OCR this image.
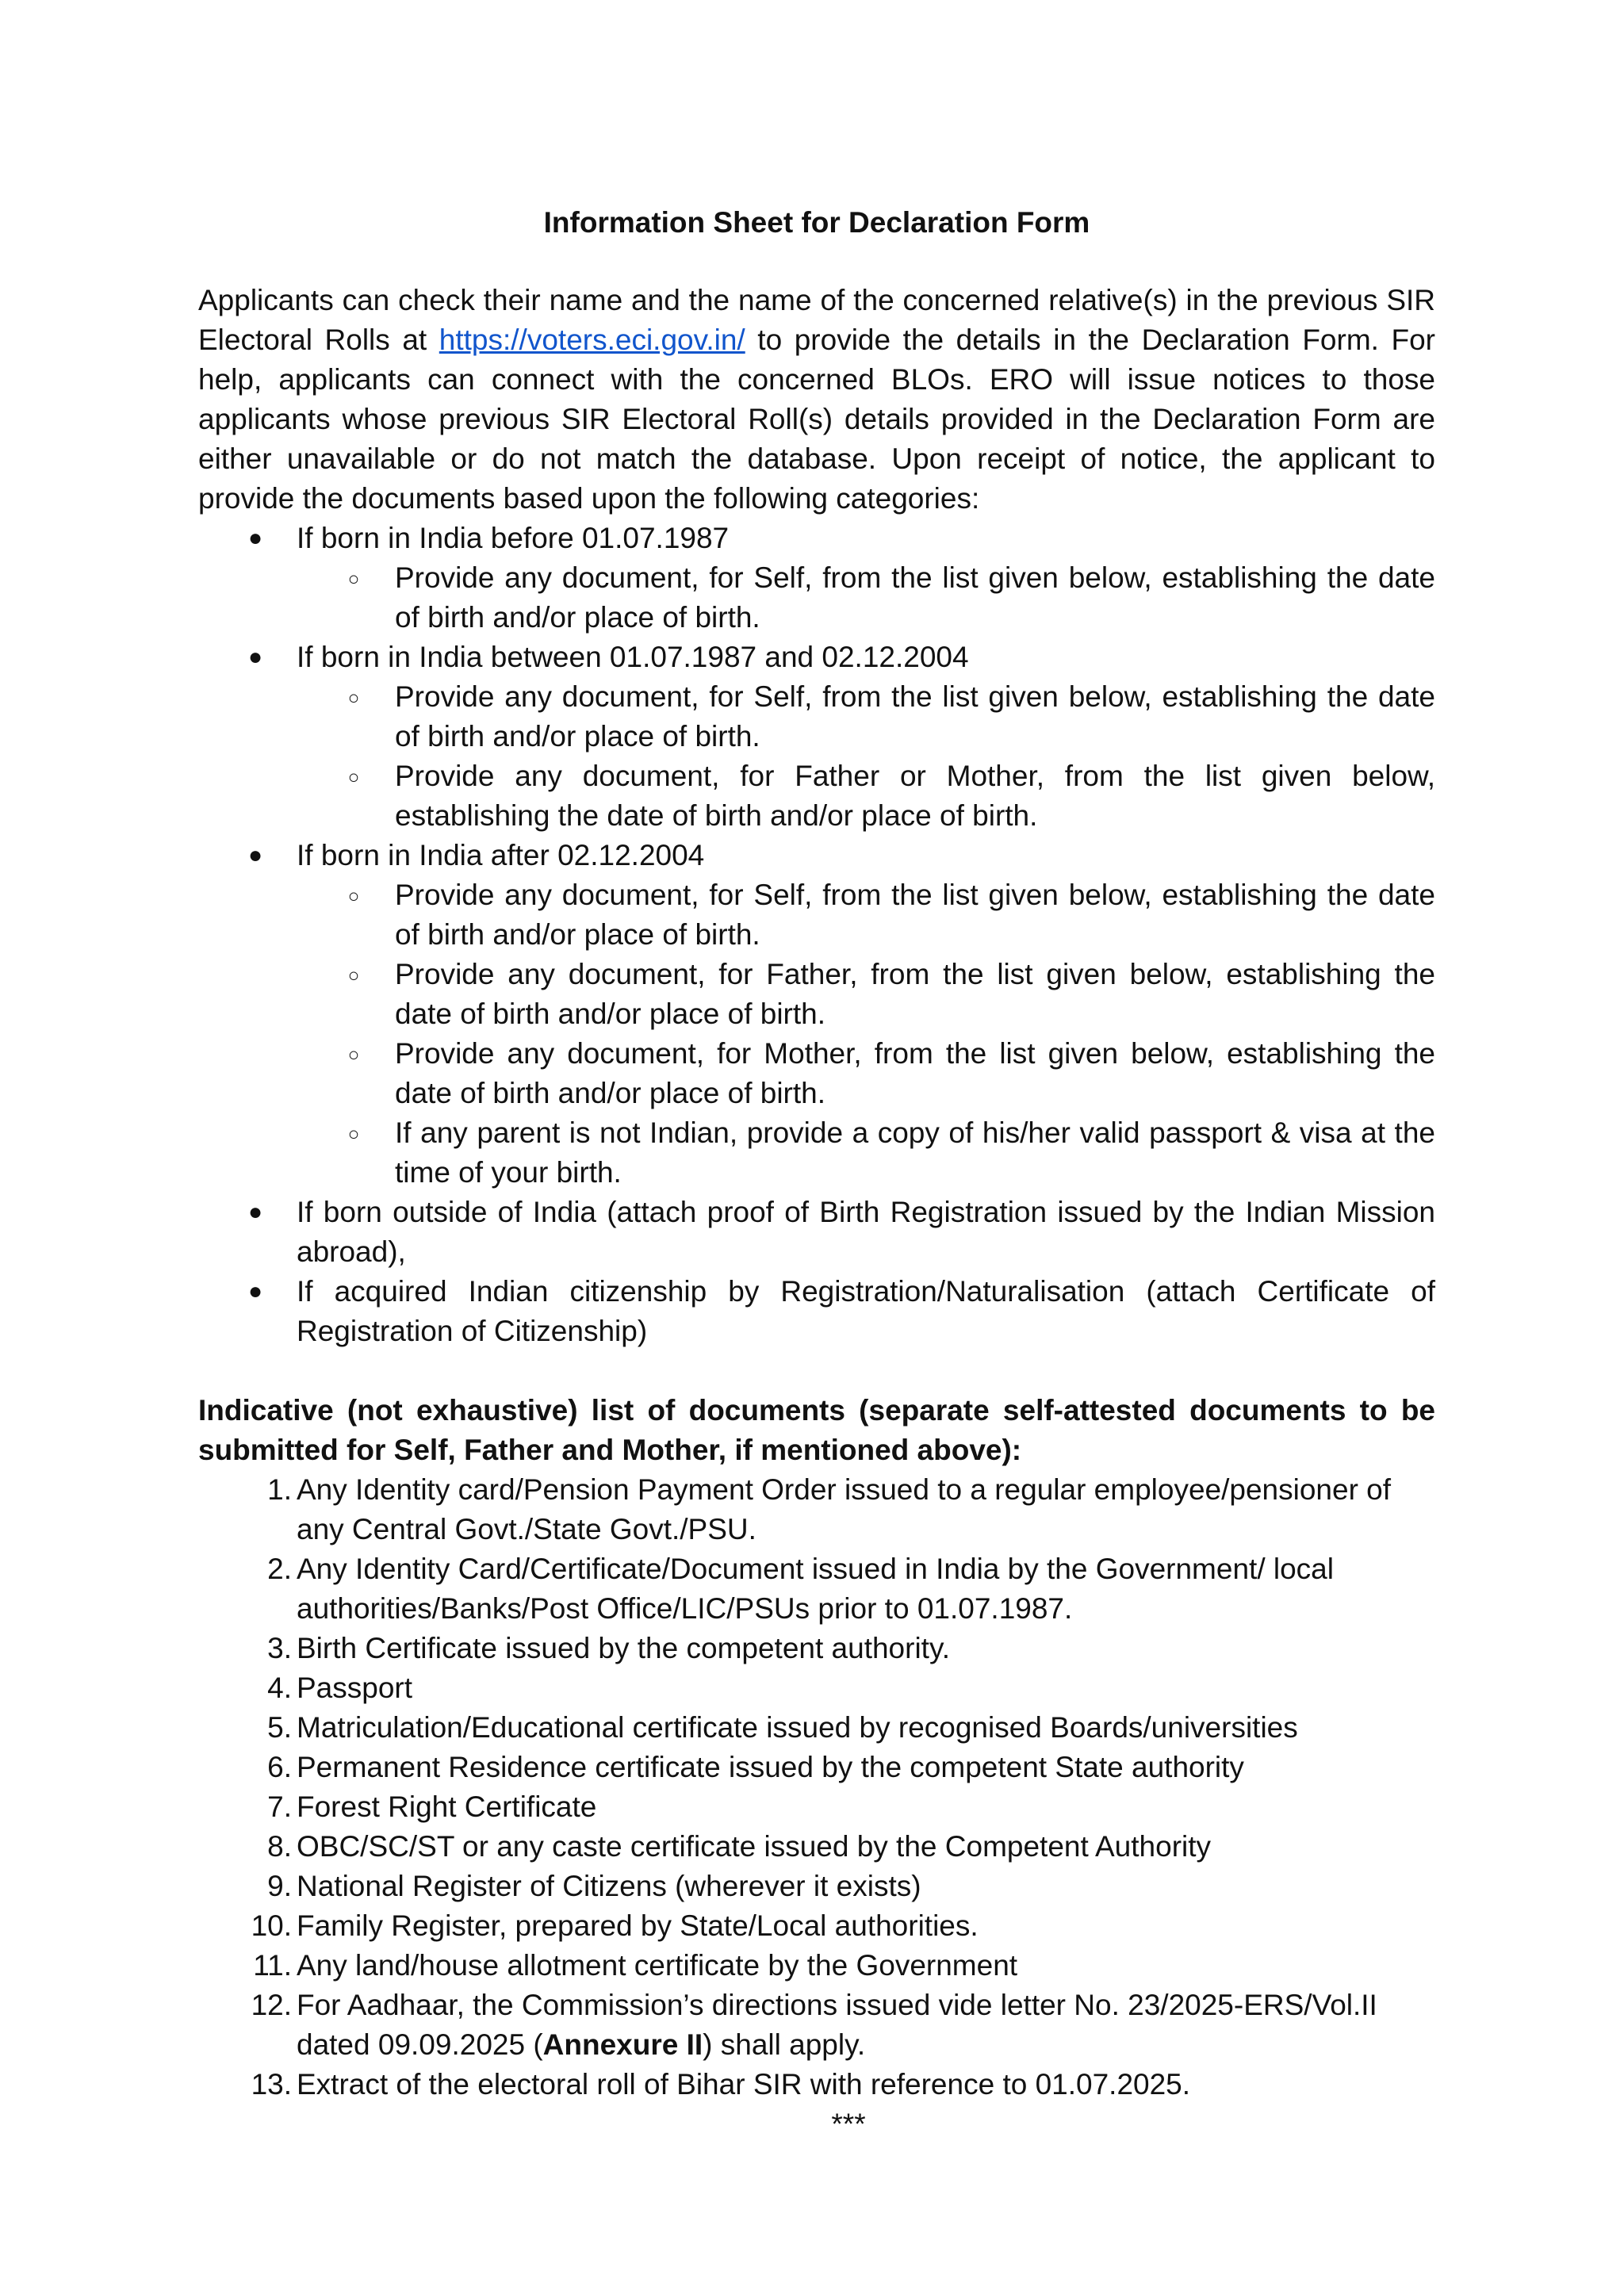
Information Sheet for Declaration Form

Applicants can check their name and the name of the concerned relative(s) in the previous SIR Electoral Rolls at https://voters.eci.gov.in/ to provide the details in the Declaration Form. For help, applicants can connect with the concerned BLOs. ERO will issue notices to those applicants whose previous SIR Electoral Roll(s) details provided in the Declaration Form are either unavailable or do not match the database. Upon receipt of notice, the applicant to provide the documents based upon the following categories:

● If born in India before 01.07.1987
○ Provide any document, for Self, from the list given below, establishing the date of birth and/or place of birth.
● If born in India between 01.07.1987 and 02.12.2004
○ Provide any document, for Self, from the list given below, establishing the date of birth and/or place of birth.
○ Provide any document, for Father or Mother, from the list given below, establishing the date of birth and/or place of birth.
● If born in India after 02.12.2004
○ Provide any document, for Self, from the list given below, establishing the date of birth and/or place of birth.
○ Provide any document, for Father, from the list given below, establishing the date of birth and/or place of birth.
○ Provide any document, for Mother, from the list given below, establishing the date of birth and/or place of birth.
○ If any parent is not Indian, provide a copy of his/her valid passport & visa at the time of your birth.
● If born outside of India (attach proof of Birth Registration issued by the Indian Mission abroad),
● If acquired Indian citizenship by Registration/Naturalisation (attach Certificate of Registration of Citizenship)
Indicative (not exhaustive) list of documents (separate self-attested documents to be submitted for Self, Father and Mother, if mentioned above):
1. Any Identity card/Pension Payment Order issued to a regular employee/pensioner of any Central Govt./State Govt./PSU.
2. Any Identity Card/Certificate/Document issued in India by the Government/ local authorities/Banks/Post Office/LIC/PSUs prior to 01.07.1987.
3. Birth Certificate issued by the competent authority.
4. Passport
5. Matriculation/Educational certificate issued by recognised Boards/universities
6. Permanent Residence certificate issued by the competent State authority
7. Forest Right Certificate
8. OBC/SC/ST or any caste certificate issued by the Competent Authority
9. National Register of Citizens (wherever it exists)
10. Family Register, prepared by State/Local authorities.
11. Any land/house allotment certificate by the Government
12. For Aadhaar, the Commission’s directions issued vide letter No. 23/2025-ERS/Vol.II dated 09.09.2025 (Annexure II) shall apply.
13. Extract of the electoral roll of Bihar SIR with reference to 01.07.2025.
***
